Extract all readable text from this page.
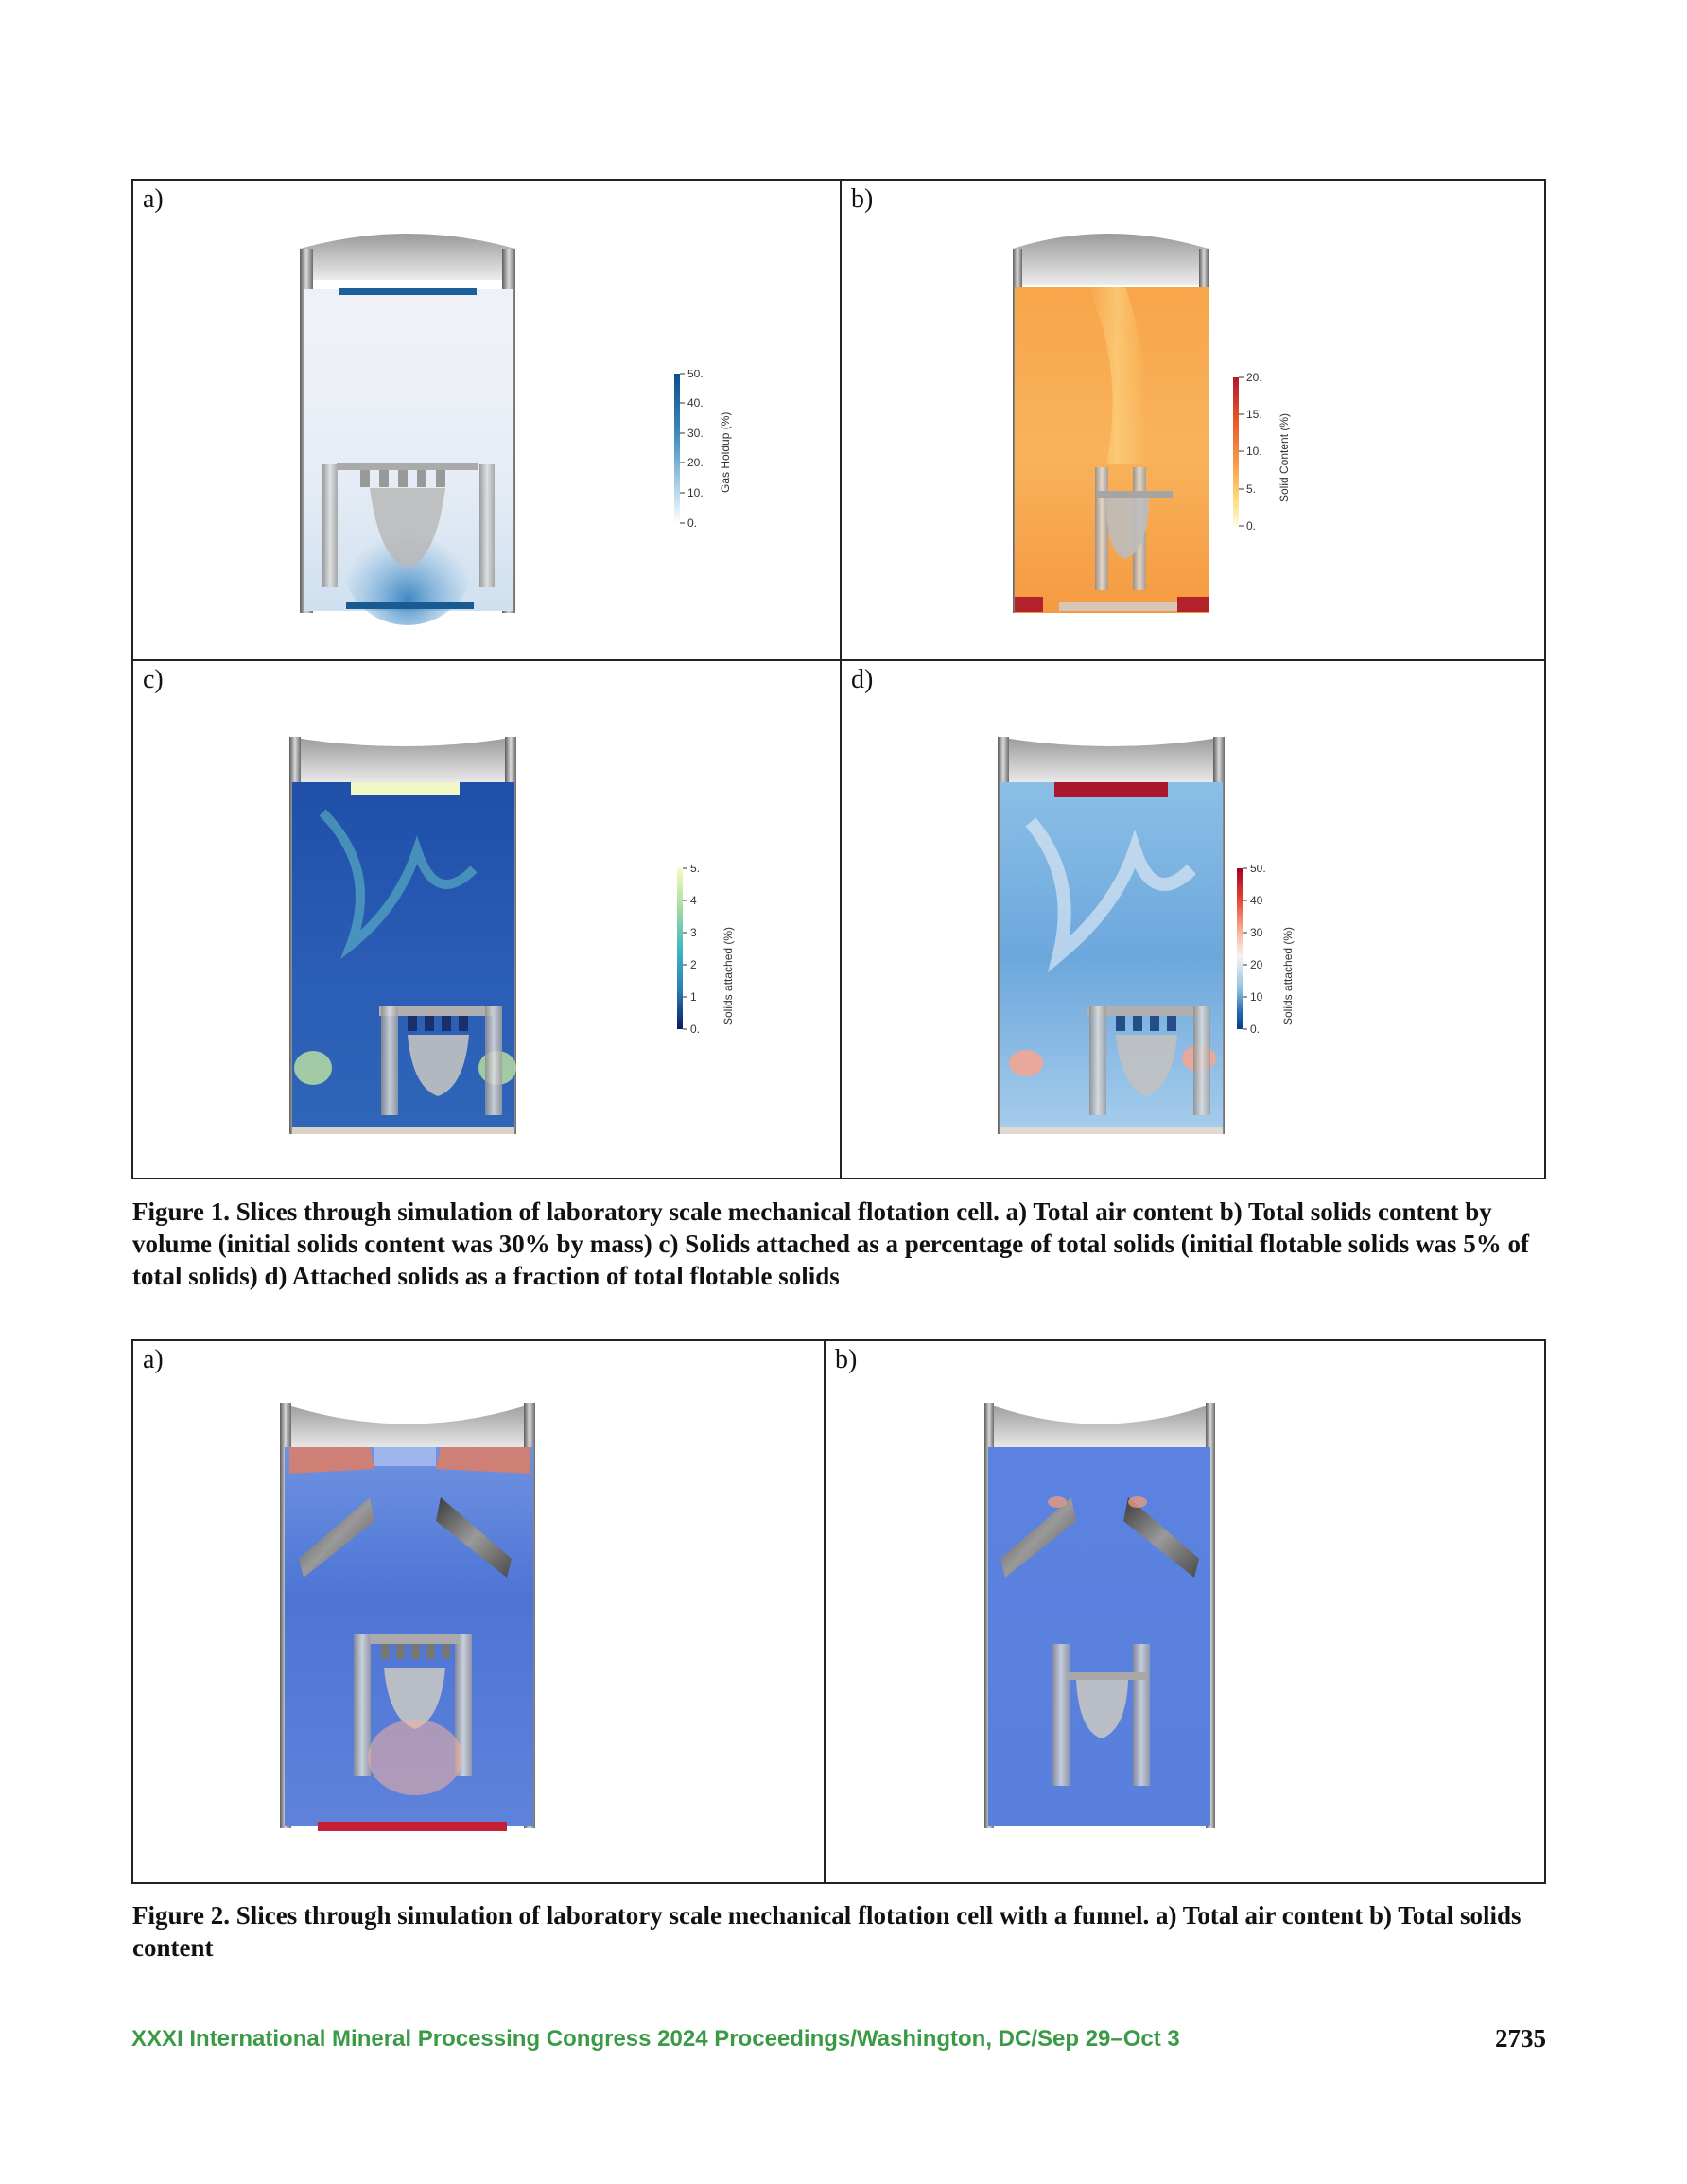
a)
50.
40.
30.
20.
10.
0.
Gas Holdup (%)
b)
20.
15.
10.
5.
0.
Solid Content (%)
c)
5.
4
3
2
1
0.
Solids attached (%)
d)
50.
40
30
20
10
0.
Solids attached (%)
Figure 1. Slices through simulation of laboratory scale mechanical flotation cell. a) Total air content b) Total solids content by volume (initial solids content was 30% by mass) c) Solids attached as a percentage of total solids (initial flotable solids was 5% of total solids) d) Attached solids as a fraction of total flotable solids
a)	b)
Figure 2. Slices through simulation of laboratory scale mechanical flotation cell with a funnel. a) Total air content b) Total solids content
XXXI International Mineral Processing Congress 2024 Proceedings/Washington, DC/Sep 29–Oct 3	2735
